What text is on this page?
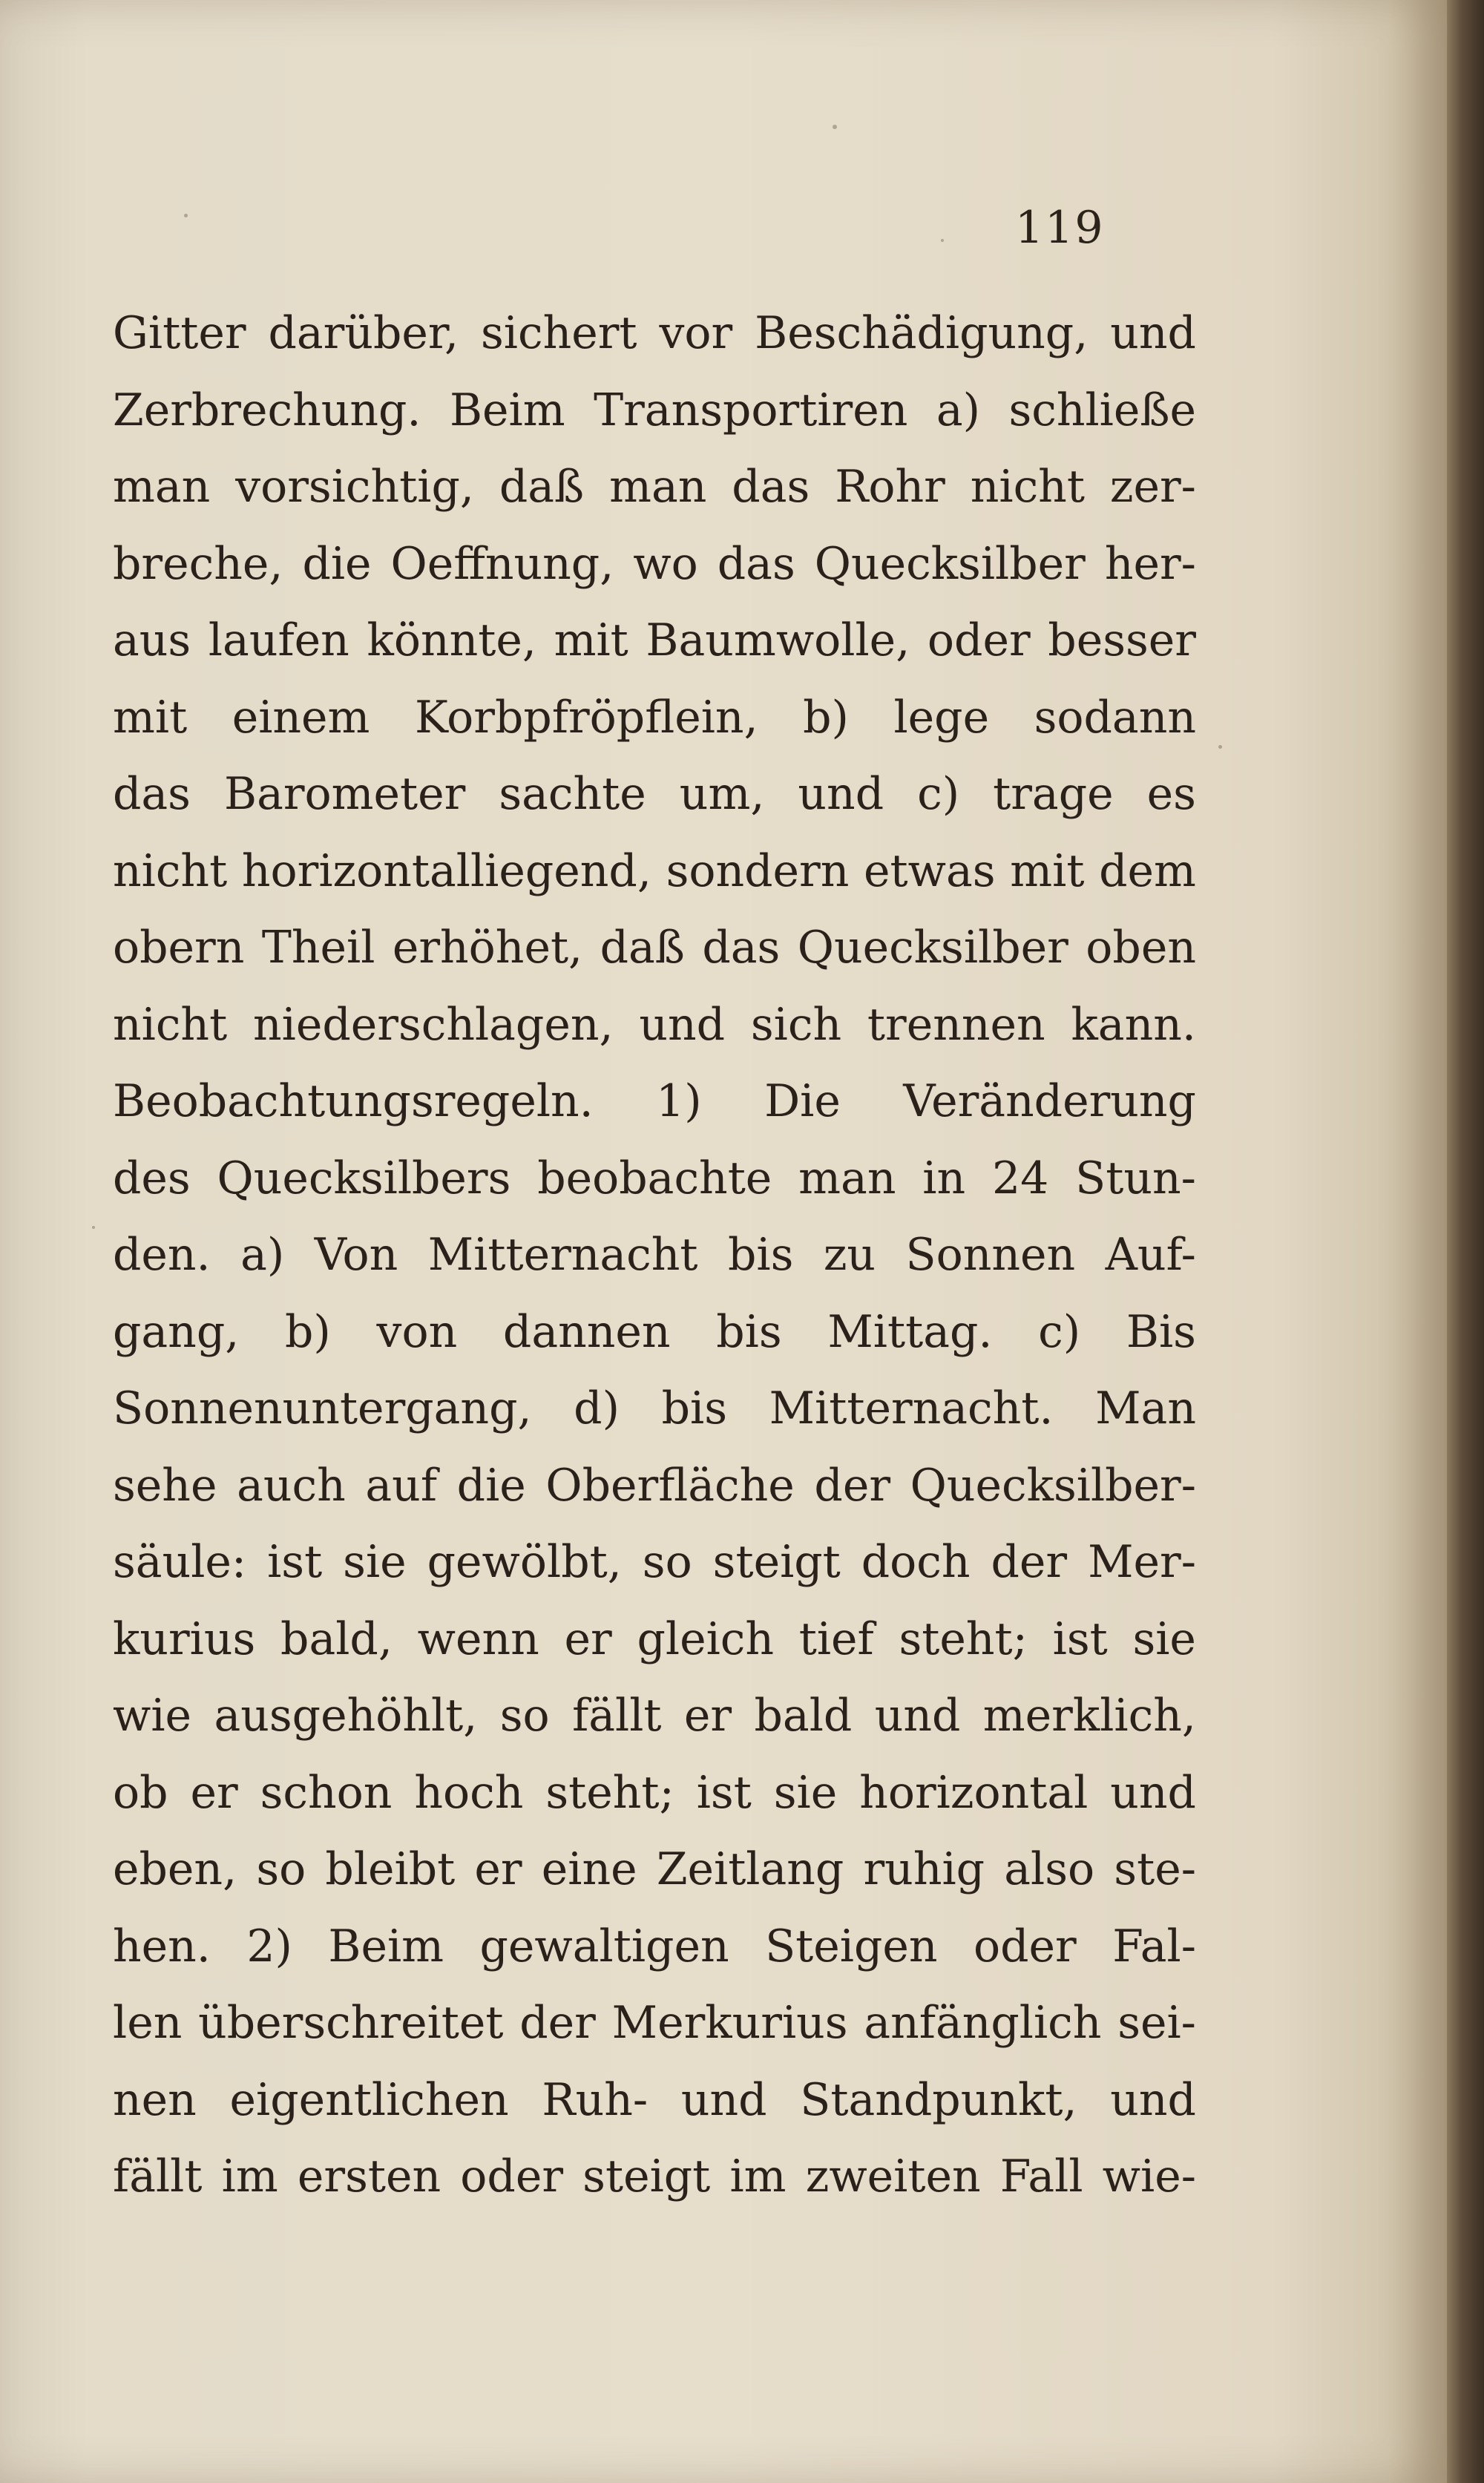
119
Gitter darüber, sichert vor Beschädigung, und
Zerbrechung. Beim Transportiren a) schließe
man vorsichtig, daß man das Rohr nicht zer-
breche, die Oeffnung, wo das Quecksilber her-
aus laufen könnte, mit Baumwolle, oder besser
mit einem Korbpfröpflein, b) lege sodann
das Barometer sachte um, und c) trage es
nicht horizontalliegend, sondern etwas mit dem
obern Theil erhöhet, daß das Quecksilber oben
nicht niederschlagen, und sich trennen kann.
Beobachtungsregeln. 1) Die Veränderung
des Quecksilbers beobachte man in 24 Stun-
den. a) Von Mitternacht bis zu Sonnen Auf-
gang, b) von dannen bis Mittag. c) Bis
Sonnenuntergang, d) bis Mitternacht. Man
sehe auch auf die Oberfläche der Quecksilber-
säule: ist sie gewölbt, so steigt doch der Mer-
kurius bald, wenn er gleich tief steht; ist sie
wie ausgehöhlt, so fällt er bald und merklich,
ob er schon hoch steht; ist sie horizontal und
eben, so bleibt er eine Zeitlang ruhig also ste-
hen. 2) Beim gewaltigen Steigen oder Fal-
len überschreitet der Merkurius anfänglich sei-
nen eigentlichen Ruh- und Standpunkt, und
fällt im ersten oder steigt im zweiten Fall wie-
